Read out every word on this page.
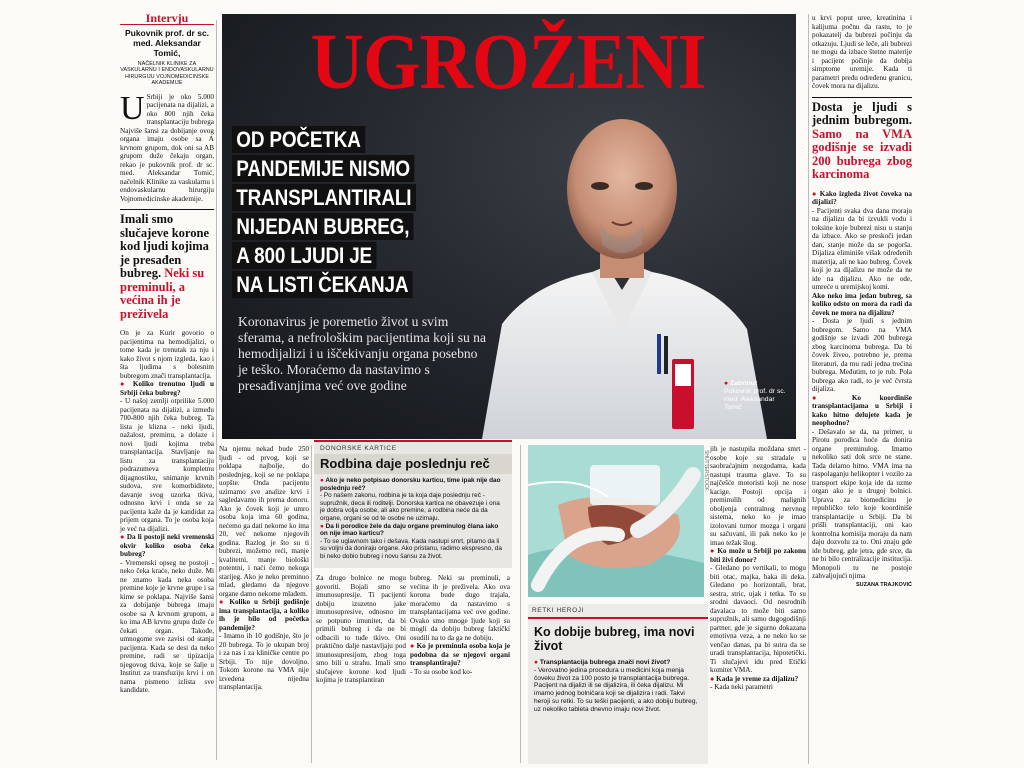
Intervju
Pukovnik prof. dr sc. med. Aleksandar Tomić,
NAČELNIK KLINIKE ZA VASKULARNU I ENDOVASKULARNU HIRURGIJU VOJNOMEDICINSKE AKADEMIJE
U Srbiji je oko 5.000 pacijenata na dijalizi, a oko 800 njih čeka transplantaciju bubrega Najviše šansi za dobijanje ovog organa imaju osobe sa A krvnom grupom, dok oni sa AB grupom duže čekaju organ, rekao je pukovnik prof. dr sc. med. Aleksandar Tomić, načelnik Klinike za vaskularnu i endovaskularnu hirurgiju Vojnomedicinske akademije.
Imali smo slučajeve korone kod ljudi kojima je presađen bubreg. Neki su preminuli, a većina ih je preživela

On je za Kurir govorio o pacijentima na hemodijalizi, o tome kada je trenutak za nju i kako život s njom izgleda, kao i šta ljudima s bolesnim bubregom znači transplantacija.

● Koliko trenutno ljudi u Srbiji čeka bubreg?

- U našoj zemlji otprilike 5.000 pacijenata na dijalizi, a između 700-800 njih čeka bubreg. Ta lista je klizna - neki ljudi, nažalost, preminu, a dolaze i novi ljudi kojima treba transplantacija. Stavljanje na listu za transplantaciju podrazumeva kompletnu dijagnostiku, snimanje krvnih sudova, sve komorbiditete, davanje svog uzorka tkiva, odnosno krvi i onda se za pacijenta kaže da je kandidat za prijem organa. To je osoba koja je već na dijalizi.

● Da li postoji neki vremenski okvir koliko osoba čeka bubreg?

- Vremenski opseg ne postoji - neko čeka kraće, neko duže. Mi ne znamo kada neka osoba preminе koje je krvne grupe i sa kime se poklapa. Najviše šansi za dobijanje bubrega imaju osobe sa A krvnom grupom, a ko ima AB krvnu grupu duže će čekati organ. Takođe, umnogome sve zavisi od stanja pacijenta. Kada se desi da neko premine, radi se tipizacija njegovog tkiva, koje se šalje u Institut za transfuziju krvi i on nama pismeno izlista sve kandidate.

UGROŽENI
OD POČETKA
PANDEMIJE NISMO
TRANSPLANTIRALI
NIJEDAN BUBREG,
A 800 LJUDI JE
NA LISTI ČEKANJA
Koronavirus je poremetio život u svim sferama, a nefrološkim pacijentima koji su na hemodijalizi i u iščekivanju organa posebno je teško. Moraćemo da nastavimo s presađivanjima već ove godine
●	Zabrinut
Pukovnik prof. dr sc. med. Aleksandar Tomić

Na njemu nekad bude 250 ljudi - od prvog, koji se poklapa najbolje, do poslednjeg, koji se ne poklapa uopšte. Onda pacijentu uzimamo sve analize krvi i sagledavamo ih prema donoru. Ako je čovek koji je umro osoba koja ima 60 godina, nećemo ga dati nekome ko ima 20, već nekome njegovih godina. Razlog je što su ti bubrezi, možemo reći, manje kvalitetni, manje biološki potentni, i naći ćemo nekoga starijeg. Ako je neko preminuo mlad, gledamo da njegove organe damo nekome mlađem.

● Koliko u Srbiji godišnje ima transplantacija, a koliko ih je bilo od početka pandemije?

- Imamo ih 10 godišnje, što je 20 bubrega. To je ukupan broj i za nas i za kliničke centre po Srbiji. To nije dovoljno. Tokom korone na VMA nije izvedena nijedna transplantacija.

DONORSKE KARTICE
Rodbina daje poslednju reč

● Ako je neko potpisao donorsku karticu, time ipak nije dao poslednju reč?

- Po našem zakonu, rodbina je ta koja daje poslednju reč - supružnik, deca ili roditelji. Donorska kartica ne obavezuje i ona je dobra volja osobe, ali ako premine, a rodbina neće da da organe, organi se od te osobe ne uzimaju.

● Da li porodice žele da daju organe preminulog člana iako on nije imao karticu?

- To se uglavnom tako i dešava. Kada nastupi smrt, pitamo da li su voljni da doniraju organe. Ako pristanu, radimo ekspresno, da bi neko dobio bubreg i novu šansu za život.

Za drugo bolnice ne mogu govoriti. Bojali smo se imunosupresije. Ti pacijenti dobiju izuzetno jake imunosupresive, odnosno im se potpuno imunitet, da bi primili bubreg i da ne bi odbacili to tuđe tkivo. Oni praktično dalje nastavljaju pod imunosupresijom, zbog toga smo bili u strahu. Imali smo slučajeve korone kod ljudi kojima je transplantiran

bubreg. Neki su preminuli, a većina ih je preživela. Ako ova korona bude dugo trajala, moraćemo da nastavimo s transplantacijama već ove godine. Ovako smo mnoge ljude koji su mogli da dobiju bubreg faktički osudili na to da ga ne dobiju.

● Ko je preminula osoba koja je podobna da se njegovi organi transplantiraju?

- To su osobe kod ko-

SHUTTERSTOCK
RETKI HEROJI
Ko dobije bubreg, ima novi život

● Transplantacija bubrega znači novi život?

- Verovatno jedina procedura u medicini koja menja čoveku život za 100 posto je transplantacija bubrega. Pacijent na dijalizi ili se dijalizira, ili čeka dijalizu. Mi imamo jednog bolničara koji se dijalizira i radi. Takvi heroji su retki. To su teški pacijenti, a ako dobiju bubreg, uz nekoliko tableta dnevno imaju novi život.

jih je nastupila moždana smrt - osobe koje su stradale u saobraćajnim nezgodama, kada nastupi trauma glave. To su najčešće motoristi koji ne nose kacige. Postoji opcija i preminulih od malignih oboljenja centralnog nervnog sistema, neko ko je imao izolovani tumor mozga i organi su sačuvani, ili pak neko ko je imao težak šlog.

● Ko može u Srbiji po zakonu biti živi donor?

- Gledano po vertikali, to mogu biti otac, majka, baka ili deka. Gledano po horizontali, brat, sestra, stric, ujak i tetka. To su srodni davaoci. Od nesrodnih davalaca to može biti samo supružnik, ali samo dugogodišnji partner, gde je sigurno dokazana emotivna veza, a ne neko ko se venčao danas, pa bi sutra da se uradi transplantacija, hipotetički. Ti slučajevi idu pred Etički komitet VMA.

● Kada je vreme za dijalizu?

- Kada neki parametri

u krvi poput uree, kreatinina i kalijuma počnu da rastu, to je pokazatelj da bubrezi počinju da otkazuju. Ljudi se leče, ali bubrezi ne mogu da izbace štetne materije i pacijent počinje da dobija simptome uremije. Kada ti parametri pređu određenu granicu, čovek mora na dijalizu.

Dosta je ljudi s jednim bubregom. Samo na VMA godišnje se izvadi 200 bubrega zbog karcinoma

● Kako izgleda život čoveka na dijalizi?

- Pacijenti svaka dva dana moraju na dijalizu da bi izvukli vodu i toksine koje bubrezi nisu u stanju da izbace. Ako se preskoči jedan dan, stanje može da se pogorša. Dijaliza eliminiše višak određenih materija, ali ne kao bubreg. Čovek koji je za dijalizu ne može da ne ide na dijalizu. Ako ne ode, umreće u uremijskoj komi.

Ako neko ima jedan bubreg, sa koliko odsto on mora da radi da čovek ne mora na dijalizu?

- Dosta je ljudi s jednim bubregom. Samo na VMA godišnje se izvadi 200 bubrega zbog karcinoma bubrega. Da bi čovek živeo, potrebno je, prema literaturi, da mu radi jedna trećina bubrega. Međutim, to je rub. Pola bubrega ako radi, to je već čvrsta dijaliza.

● Ko koordiniše transplantacijama u Srbiji i kako hitno delujete kada je neophodno?

- Dešavalo se da, na primer, u Pirotu porodica hoće da donira organe preminulog. Imamo nekoliko sati dok srce ne stane. Tada delamo hitno. VMA ima na raspolaganju helikopter i vozilo za transport ekipe koja ide da uzme organ ako je u drugoj bolnici. Uprava za biomedicinu je republičko telo koje koordiniše transplantacije u Srbiji. Da bi prišli transplantaciji, oni kao kontrolna komisija moraju da nam daju dozvolu za to. Oni znaju gde ide bubreg, gde jetra, gde srce, da ne bi bilo centralizacije institucija. Monopoli tu ne postoje zahvaljujući njima

SUZANA TRAJKOVIĆ
